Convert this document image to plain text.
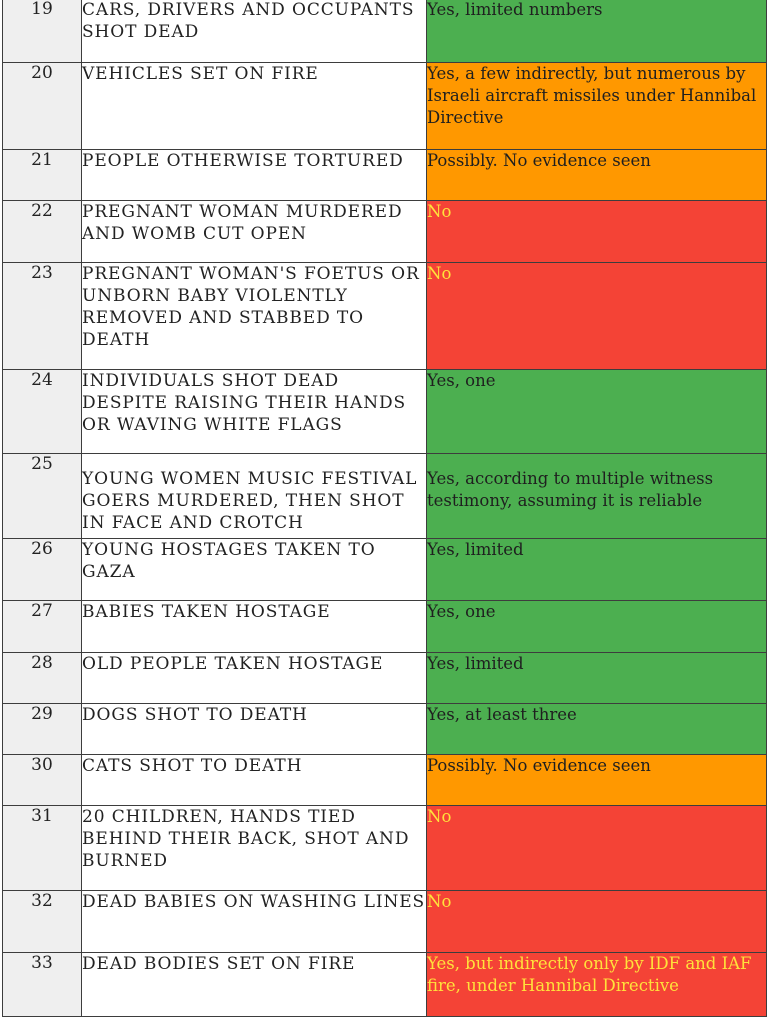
19	CARS, DRIVERS AND OCCUPANTS SHOT DEAD	Yes, limited numbers
20	VEHICLES SET ON FIRE	Yes, a few indirectly, but numerous by Israeli aircraft missiles under Hannibal Directive
21	PEOPLE OTHERWISE TORTURED	Possibly. No evidence seen
22	PREGNANT WOMAN MURDERED AND WOMB CUT OPEN	No
23	PREGNANT WOMAN'S FOETUS OR UNBORN BABY VIOLENTLY REMOVED AND STABBED TO DEATH	No
24	INDIVIDUALS SHOT DEAD DESPITE RAISING THEIR HANDS OR WAVING WHITE FLAGS	Yes, one
25	YOUNG WOMEN MUSIC FESTIVAL GOERS MURDERED, THEN SHOT IN FACE AND CROTCH	Yes, according to multiple witness testimony, assuming it is reliable
26	YOUNG HOSTAGES TAKEN TO GAZA	Yes, limited
27	BABIES TAKEN HOSTAGE	Yes, one
28	OLD PEOPLE TAKEN HOSTAGE	Yes, limited
29	DOGS SHOT TO DEATH	Yes, at least three
30	CATS SHOT TO DEATH	Possibly. No evidence seen
31	20 CHILDREN, HANDS TIED BEHIND THEIR BACK, SHOT AND BURNED	No
32	DEAD BABIES ON WASHING LINES	No
33	DEAD BODIES SET ON FIRE	Yes, but indirectly only by IDF and IAF fire, under Hannibal Directive
